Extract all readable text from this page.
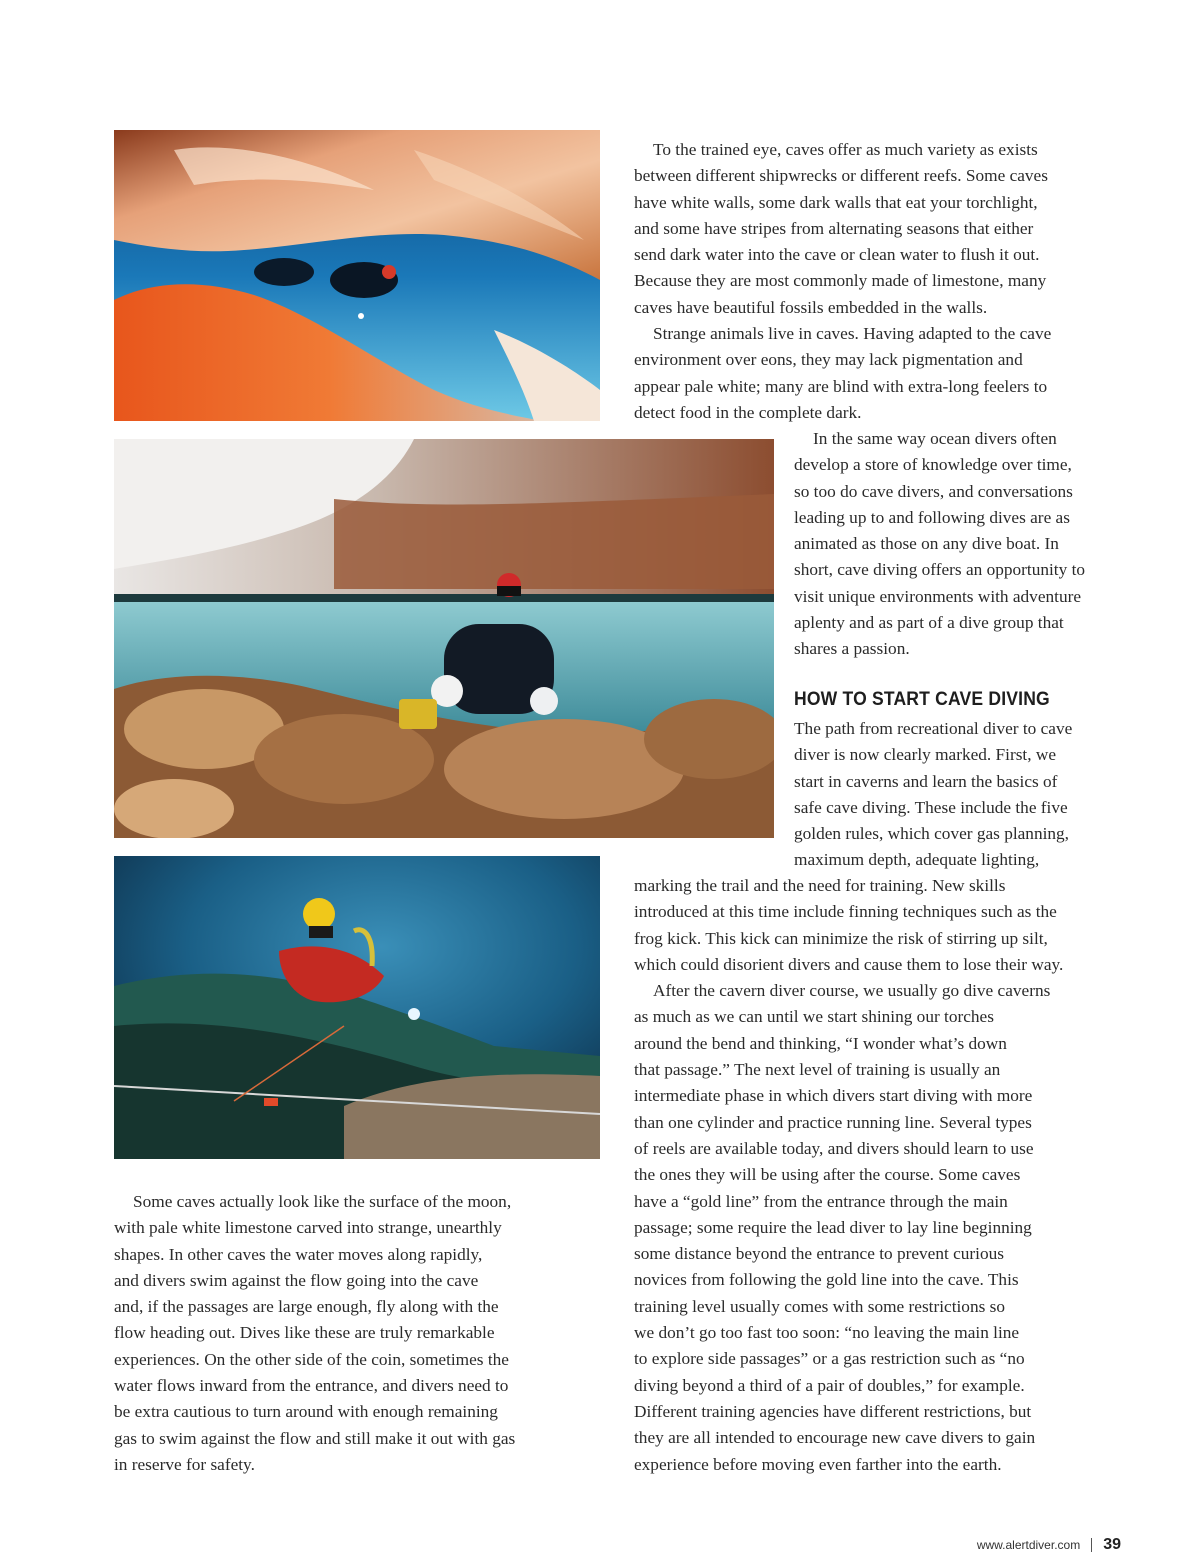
To the trained eye, caves offer as much variety as exists

between different shipwrecks or different reefs. Some caves

have white walls, some dark walls that eat your torchlight,

and some have stripes from alternating seasons that either

send dark water into the cave or clean water to flush it out.

Because they are most commonly made of limestone, many

caves have beautiful fossils embedded in the walls.

Strange animals live in caves. Having adapted to the cave

environment over eons, they may lack pigmentation and

appear pale white; many are blind with extra-long feelers to

detect food in the complete dark.

In the same way ocean divers often

develop a store of knowledge over time,

so too do cave divers, and conversations

leading up to and following dives are as

animated as those on any dive boat. In

short, cave diving offers an opportunity to

visit unique environments with adventure

aplenty and as part of a dive group that

shares a passion.

HOW TO START CAVE DIVING

The path from recreational diver to cave

diver is now clearly marked. First, we

start in caverns and learn the basics of

safe cave diving. These include the five

golden rules, which cover gas planning,

maximum depth, adequate lighting,

marking the trail and the need for training. New skills

introduced at this time include finning techniques such as the

frog kick. This kick can minimize the risk of stirring up silt,

which could disorient divers and cause them to lose their way.

After the cavern diver course, we usually go dive caverns

as much as we can until we start shining our torches

around the bend and thinking, “I wonder what’s down

that passage.” The next level of training is usually an

intermediate phase in which divers start diving with more

than one cylinder and practice running line. Several types

of reels are available today, and divers should learn to use

the ones they will be using after the course. Some caves

have a “gold line” from the entrance through the main

passage; some require the lead diver to lay line beginning

some distance beyond the entrance to prevent curious

novices from following the gold line into the cave. This

training level usually comes with some restrictions so

we don’t go too fast too soon: “no leaving the main line

to explore side passages” or a gas restriction such as “no

diving beyond a third of a pair of doubles,” for example.

Different training agencies have different restrictions, but

they are all intended to encourage new cave divers to gain

experience before moving even farther into the earth.

Some caves actually look like the surface of the moon,

with pale white limestone carved into strange, unearthly

shapes. In other caves the water moves along rapidly,

and divers swim against the flow going into the cave

and, if the passages are large enough, fly along with the

flow heading out. Dives like these are truly remarkable

experiences. On the other side of the coin, sometimes the

water flows inward from the entrance, and divers need to

be extra cautious to turn around with enough remaining

gas to swim against the flow and still make it out with gas

in reserve for safety.

www.alertdiver.com 39
